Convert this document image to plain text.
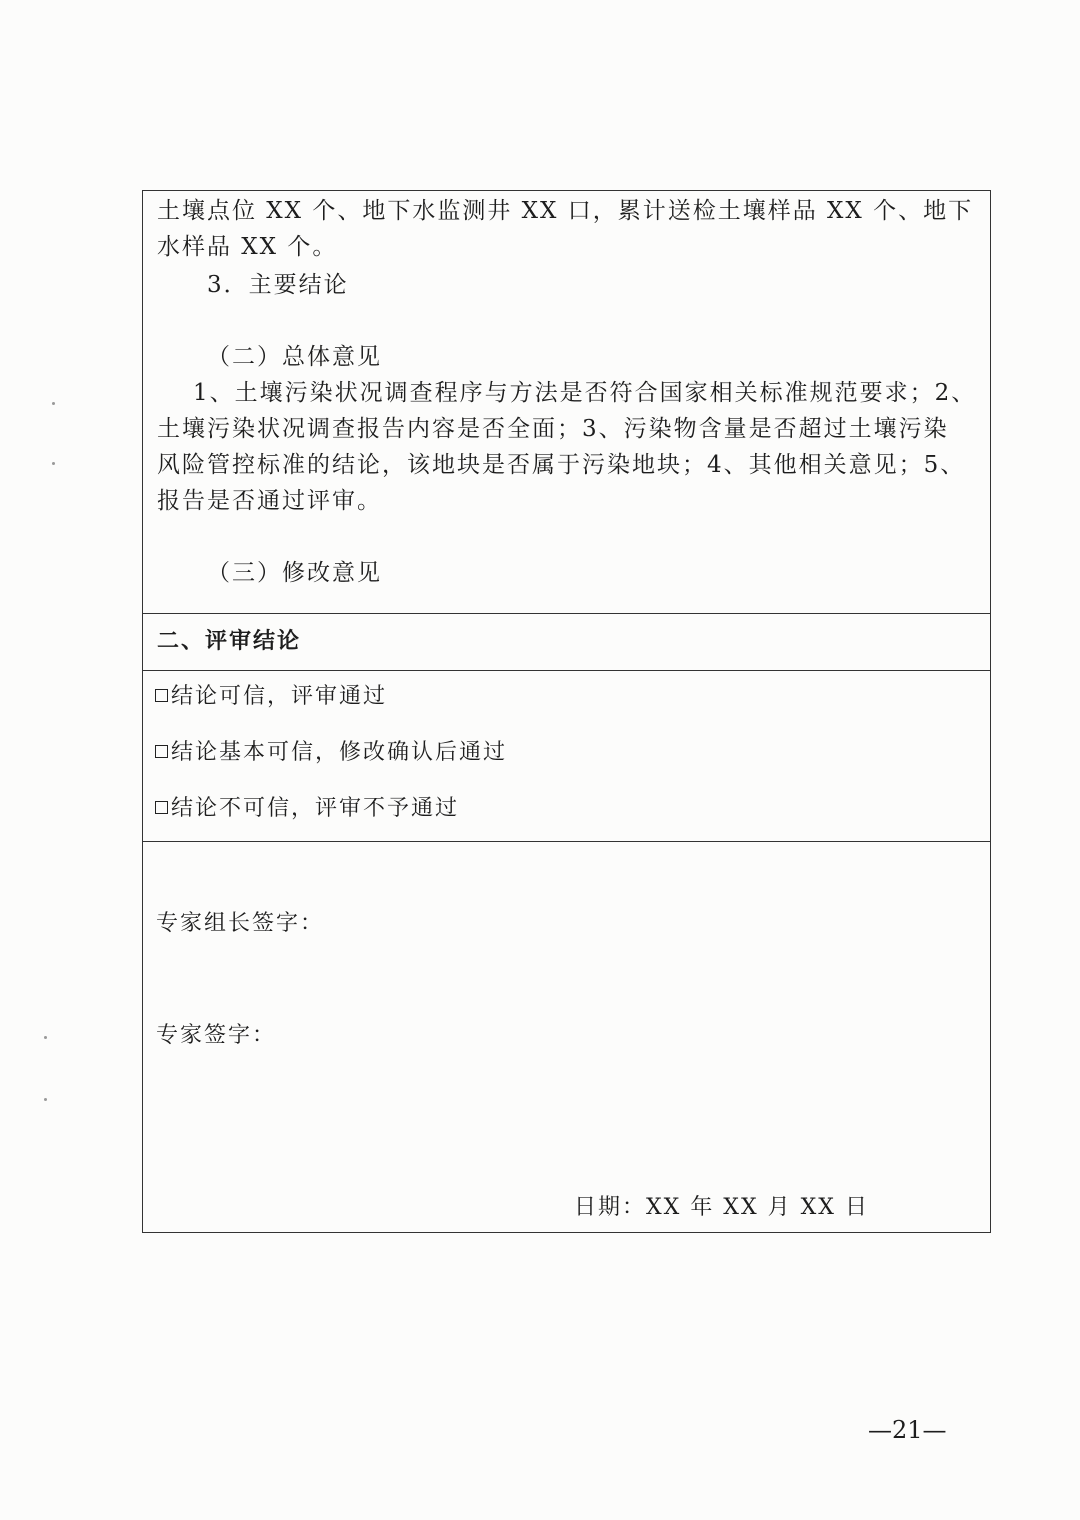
土壤点位 XX 个、地下水监测井 XX 口，累计送检土壤样品 XX 个、地下
水样品 XX 个。
3．主要结论
（二）总体意见
1、土壤污染状况调查程序与方法是否符合国家相关标准规范要求；2、
土壤污染状况调查报告内容是否全面；3、污染物含量是否超过土壤污染
风险管控标准的结论，该地块是否属于污染地块；4、其他相关意见；5、
报告是否通过评审。
（三）修改意见

二、评审结论

结论可信，评审通过
结论基本可信，修改确认后通过
结论不可信，评审不予通过

专家组长签字：
专家签字：
日期：XX 年 XX 月 XX 日
—21—
